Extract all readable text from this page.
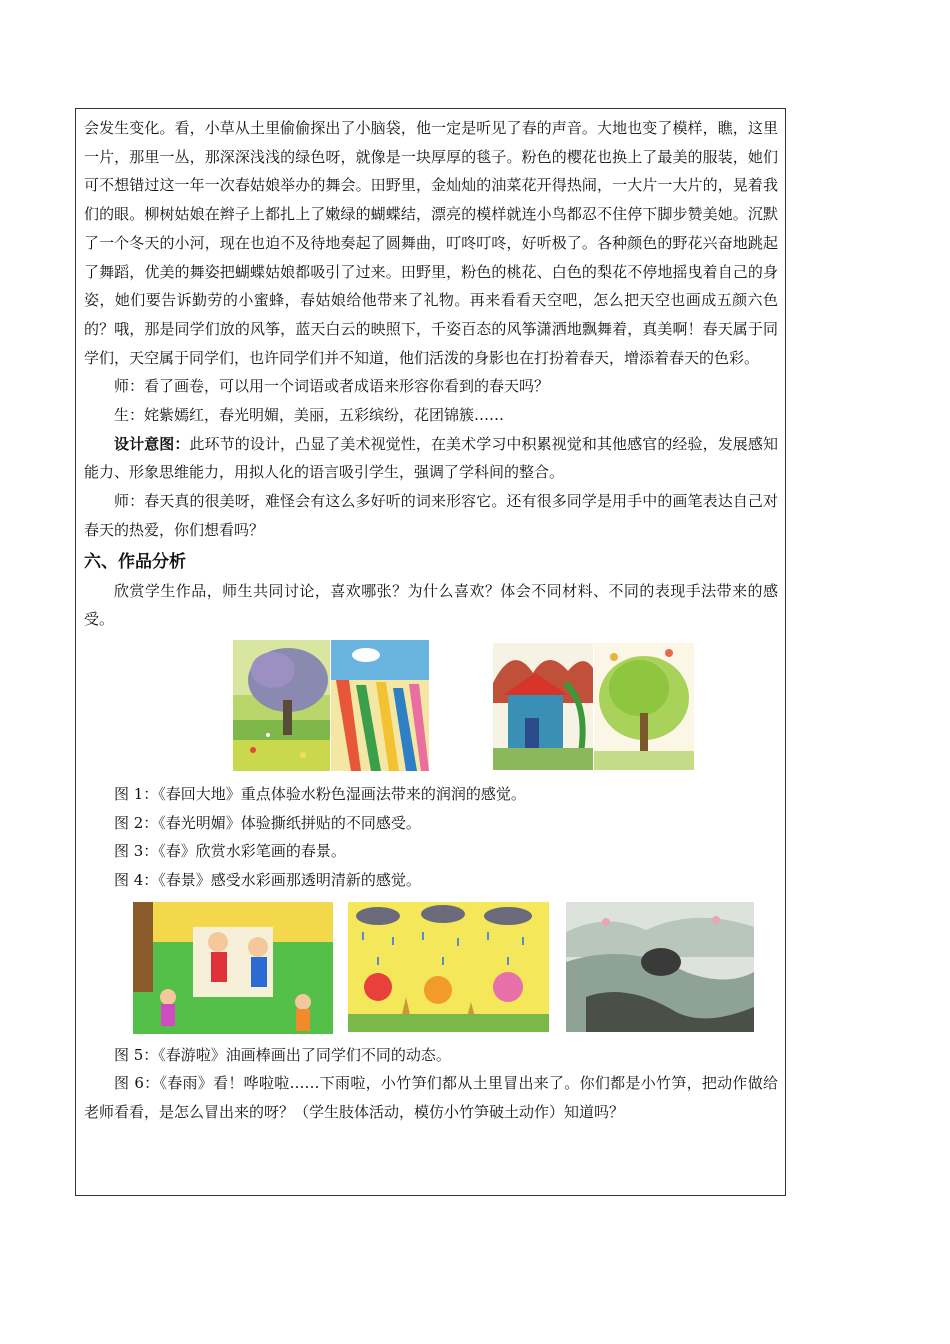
会发生变化。看，小草从土里偷偷探出了小脑袋，他一定是听见了春的声音。大地也变了模样，瞧，这里一片，那里一丛，那深深浅浅的绿色呀，就像是一块厚厚的毯子。粉色的樱花也换上了最美的服装，她们可不想错过这一年一次春姑娘举办的舞会。田野里，金灿灿的油菜花开得热闹，一大片一大片的，晃着我们的眼。柳树姑娘在辫子上都扎上了嫩绿的蝴蝶结，漂亮的模样就连小鸟都忍不住停下脚步赞美她。沉默了一个冬天的小河，现在也迫不及待地奏起了圆舞曲，叮咚叮咚，好听极了。各种颜色的野花兴奋地跳起了舞蹈，优美的舞姿把蝴蝶姑娘都吸引了过来。田野里，粉色的桃花、白色的梨花不停地摇曳着自己的身姿，她们要告诉勤劳的小蜜蜂，春姑娘给他带来了礼物。再来看看天空吧，怎么把天空也画成五颜六色的？哦，那是同学们放的风筝，蓝天白云的映照下，千姿百态的风筝潇洒地飘舞着，真美啊！春天属于同学们，天空属于同学们，也许同学们并不知道，他们活泼的身影也在打扮着春天，增添着春天的色彩。

师：看了画卷，可以用一个词语或者成语来形容你看到的春天吗？

生：姹紫嫣红，春光明媚，美丽，五彩缤纷，花团锦簇……

设计意图：此环节的设计，凸显了美术视觉性，在美术学习中积累视觉和其他感官的经验，发展感知能力、形象思维能力，用拟人化的语言吸引学生，强调了学科间的整合。

师：春天真的很美呀，难怪会有这么多好听的词来形容它。还有很多同学是用手中的画笔表达自己对春天的热爱，你们想看吗？

六、作品分析

欣赏学生作品，师生共同讨论，喜欢哪张？为什么喜欢？体会不同材料、不同的表现手法带来的感受。

图 1：《春回大地》重点体验水粉色湿画法带来的润润的感觉。

图 2：《春光明媚》体验撕纸拼贴的不同感受。

图 3：《春》欣赏水彩笔画的春景。

图 4：《春景》感受水彩画那透明清新的感觉。

图 5：《春游啦》油画棒画出了同学们不同的动态。

图 6：《春雨》看！哗啦啦……下雨啦，小竹笋们都从土里冒出来了。你们都是小竹笋，把动作做给老师看看，是怎么冒出来的呀？（学生肢体活动，模仿小竹笋破土动作）知道吗？
